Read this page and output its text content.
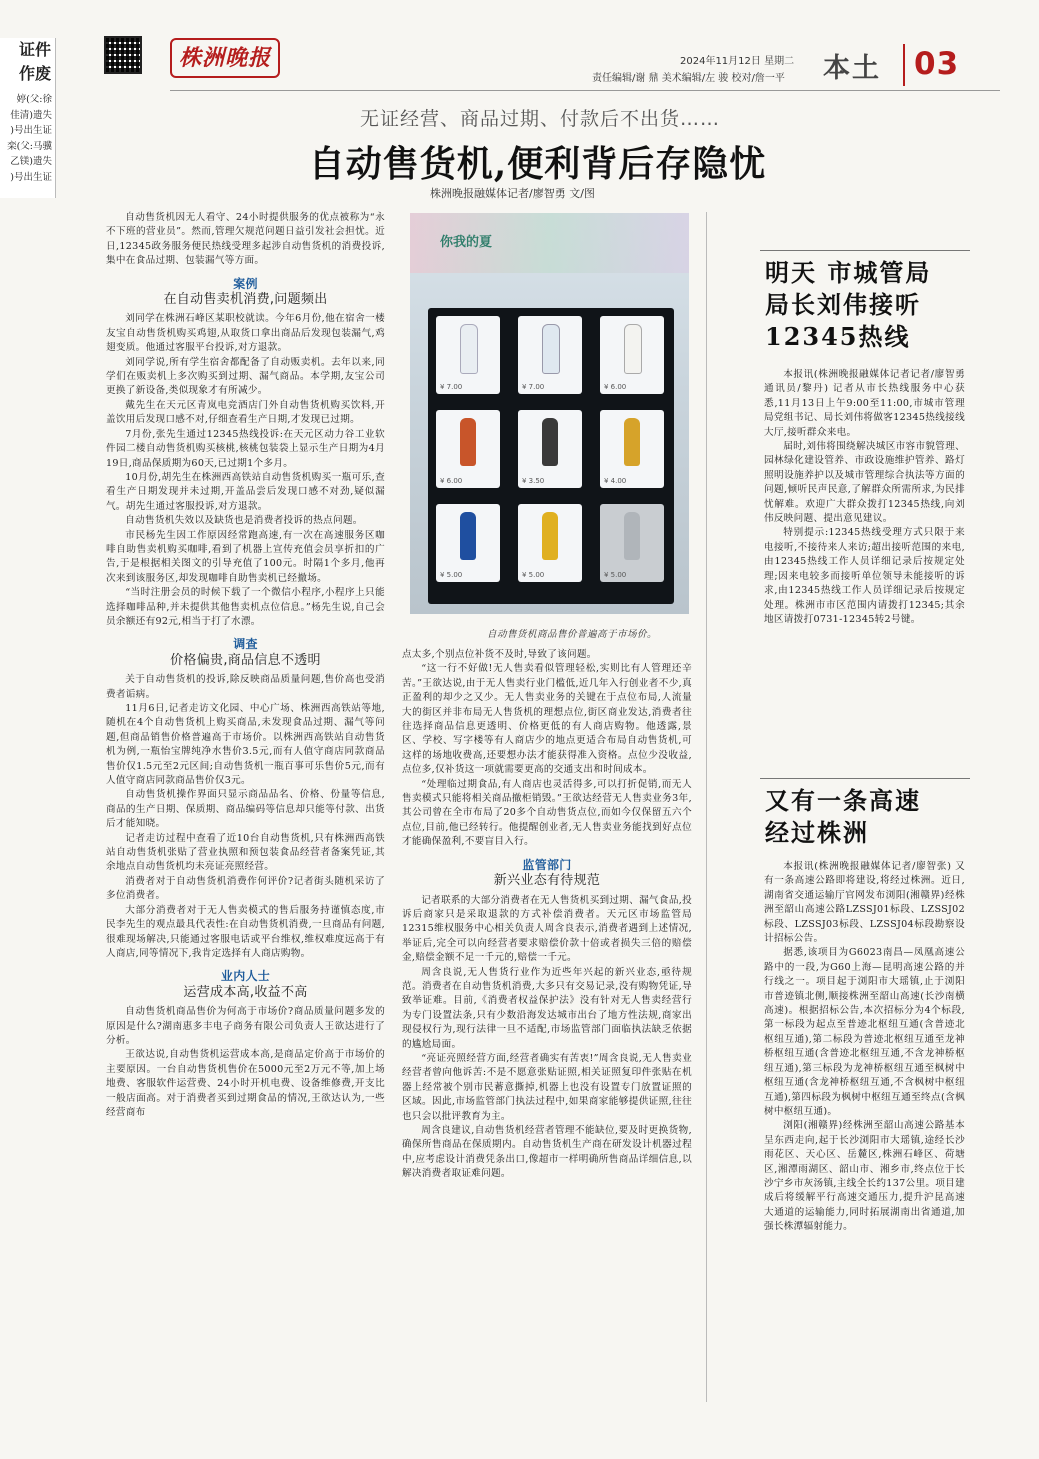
证件
作废
婷(父:徐
佳清)遗失
)号出生证
栾(父:马骥
乙镁)遗失
)号出生证
株洲晚报	2024年11月12日 星期二
责任编辑/谢 鼎 美术编辑/左 骏 校对/詹一平 本土 03
无证经营、商品过期、付款后不出货……
自动售货机,便利背后存隐忧
株洲晚报融媒体记者/廖智勇 文/图

自动售货机因无人看守、24小时提供服务的优点被称为“永不下班的营业员”。然而,管理欠规范问题日益引发社会担忧。近日,12345政务服务便民热线受理多起涉自动售货机的消费投诉,集中在食品过期、包装漏气等方面。

案例
在自动售卖机消费,问题频出

刘同学在株洲石峰区某职校就读。今年6月份,他在宿舍一楼友宝自动售货机购买鸡翅,从取货口拿出商品后发现包装漏气,鸡翅变质。他通过客服平台投诉,对方退款。

刘同学说,所有学生宿舍都配备了自动贩卖机。去年以来,同学们在贩卖机上多次购买到过期、漏气商品。本学期,友宝公司更换了新设备,类似现象才有所减少。

戴先生在天元区青岚电竞酒店门外自动售货机购买饮料,开盖饮用后发现口感不对,仔细查看生产日期,才发现已过期。

7月份,张先生通过12345热线投诉:在天元区动力谷工业软件园二楼自动售货机购买核桃,核桃包装袋上显示生产日期为4月19日,商品保质期为60天,已过期1个多月。

10月份,胡先生在株洲西高铁站自动售货机购买一瓶可乐,查看生产日期发现并未过期,开盖品尝后发现口感不对劲,疑似漏气。胡先生通过客服投诉,对方退款。

自动售货机失效以及缺货也是消费者投诉的热点问题。

市民杨先生因工作原因经常跑高速,有一次在高速服务区咖啡自助售卖机购买咖啡,看到了机器上宣传充值会员享折扣的广告,于是根据相关图文的引导充值了100元。时隔1个多月,他再次来到该服务区,却发现咖啡自助售卖机已经撤场。

“当时注册会员的时候下载了一个微信小程序,小程序上只能选择咖啡品种,并未提供其他售卖机点位信息。”杨先生说,自己会员余额还有92元,相当于打了水漂。

调查
价格偏贵,商品信息不透明

关于自动售货机的投诉,除反映商品质量问题,售价高也受消费者诟病。

11月6日,记者走访文化园、中心广场、株洲西高铁站等地,随机在4个自动售货机上购买商品,未发现食品过期、漏气等问题,但商品销售价格普遍高于市场价。以株洲西高铁站自动售货机为例,一瓶怡宝牌纯净水售价3.5元,而有人值守商店同款商品售价仅1.5元至2元区间;自动售货机一瓶百事可乐售价5元,而有人值守商店同款商品售价仅3元。

自动售货机操作界面只显示商品品名、价格、份量等信息,商品的生产日期、保质期、商品编码等信息却只能等付款、出货后才能知晓。

记者走访过程中查看了近10台自动售货机,只有株洲西高铁站自动售货机张贴了营业执照和预包装食品经营者备案凭证,其余地点自动售货机均未亮证亮照经营。

消费者对于自动售货机消费作何评价?记者街头随机采访了多位消费者。

大部分消费者对于无人售卖模式的售后服务持谨慎态度,市民李先生的观点最具代表性:在自动售货机消费,一旦商品有问题,很难现场解决,只能通过客服电话或平台维权,维权难度远高于有人商店,同等情况下,我肯定选择有人商店购物。

业内人士
运营成本高,收益不高

自动售货机商品售价为何高于市场价?商品质量问题多发的原因是什么?湖南惠多丰电子商务有限公司负责人王欲达进行了分析。

王欲达说,自动售货机运营成本高,是商品定价高于市场价的主要原因。一台自动售货机售价在5000元至2万元不等,加上场地费、客服软件运营费、24小时开机电费、设备维修费,开支比一般店面高。对于消费者买到过期食品的情况,王欲达认为,一些经营商布

你我的夏
¥ 7.00	¥ 7.00	¥ 6.00
¥ 6.00	¥ 3.50	¥ 4.00
¥ 5.00	¥ 5.00	¥ 5.00
自动售货机商品售价普遍高于市场价。

点太多,个别点位补货不及时,导致了该问题。

“这一行不好做!无人售卖看似管理轻松,实则比有人管理还辛苦。”王欲达说,由于无人售卖行业门槛低,近几年入行创业者不少,真正盈利的却少之又少。无人售卖业务的关键在于点位布局,人流量大的街区并非布局无人售货机的理想点位,街区商业发达,消费者往往选择商品信息更透明、价格更低的有人商店购物。他透露,景区、学校、写字楼等有人商店少的地点更适合布局自动售货机,可这样的场地收费高,还要想办法才能获得准入资格。点位少没收益,点位多,仅补货这一项就需要更高的交通支出和时间成本。

“处理临过期食品,有人商店也灵活得多,可以打折促销,而无人售卖模式只能将相关商品撤柜销毁。”王欲达经营无人售卖业务3年,其公司曾在全市布局了20多个自动售货点位,而如今仅保留五六个点位,目前,他已经转行。他提醒创业者,无人售卖业务能找到好点位才能确保盈利,不要盲目入行。

监管部门
新兴业态有待规范

记者联系的大部分消费者在无人售货机买到过期、漏气食品,投诉后商家只是采取退款的方式补偿消费者。天元区市场监管局12315维权服务中心相关负责人周含良表示,消费者遇到上述情况,举证后,完全可以向经营者要求赔偿价款十倍或者损失三倍的赔偿金,赔偿金额不足一千元的,赔偿一千元。

周含良说,无人售货行业作为近些年兴起的新兴业态,亟待规范。消费者在自动售货机消费,大多只有交易记录,没有购物凭证,导致举证难。目前,《消费者权益保护法》没有针对无人售卖经营行为专门设置法条,只有少数沿海发达城市出台了地方性法规,商家出现侵权行为,现行法律一旦不适配,市场监管部门面临执法缺乏依据的尴尬局面。

“亮证亮照经营方面,经营者确实有苦衷!”周含良说,无人售卖业经营者曾向他诉苦:不是不愿意张贴证照,相关证照复印件张贴在机器上经常被个别市民蓄意撕掉,机器上也没有设置专门放置证照的区域。因此,市场监管部门执法过程中,如果商家能够提供证照,往往也只会以批评教育为主。

周含良建议,自动售货机经营者管理不能缺位,要及时更换货物,确保所售商品在保质期内。自动售货机生产商在研发设计机器过程中,应考虑设计消费凭条出口,像超市一样明确所售商品详细信息,以解决消费者取证难问题。

明天 市城管局
局长刘伟接听
12345热线

本报讯(株洲晚报融媒体记者记者/廖智勇 通讯员/黎丹) 记者从市长热线服务中心获悉,11月13日上午9:00至11:00,市城市管理局党组书记、局长刘伟将做客12345热线接线大厅,接听群众来电。

届时,刘伟将围绕解决城区市容市貌管理、园林绿化建设管养、市政设施维护管养、路灯照明设施养护以及城市管理综合执法等方面的问题,倾听民声民意,了解群众所需所求,为民排忧解难。欢迎广大群众拨打12345热线,向刘伟反映问题、提出意见建议。

特别提示:12345热线受理方式只限于来电接听,不接待来人来访;超出接听范围的来电,由12345热线工作人员详细记录后按规定处理;因来电较多而接听单位领导未能接听的诉求,由12345热线工作人员详细记录后按规定处理。株洲市市区范围内请拨打12345;其余地区请拨打0731-12345转2号键。

又有一条高速
经过株洲

本报讯(株洲晚报融媒体记者/廖智张) 又有一条高速公路即将建设,将经过株洲。近日,湖南省交通运输厅官网发布浏阳(湘赣界)经株洲至韶山高速公路LZSSJ01标段、LZSSJ02标段、LZSSJ03标段、LZSSJ04标段勘察设计招标公告。

据悉,该项目为G6023南昌—凤凰高速公路中的一段,为G60上海—昆明高速公路的并行线之一。项目起于浏阳市大瑶镇,止于浏阳市普迹镇北侧,顺接株洲至韶山高速(长沙南横高速)。根据招标公告,本次招标分为4个标段,第一标段为起点至普迹北枢纽互通(含普迹北枢纽互通),第二标段为普迹北枢纽互通至龙神桥枢纽互通(含普迹北枢纽互通,不含龙神桥枢纽互通),第三标段为龙神桥枢纽互通至枫树中枢纽互通(含龙神桥枢纽互通,不含枫树中枢纽互通),第四标段为枫树中枢纽互通至终点(含枫树中枢纽互通)。

浏阳(湘赣界)经株洲至韶山高速公路基本呈东西走向,起于长沙浏阳市大瑶镇,途经长沙雨花区、天心区、岳麓区,株洲石峰区、荷塘区,湘潭雨湖区、韶山市、湘乡市,终点位于长沙宁乡市灰汤镇,主线全长约137公里。项目建成后将缓解平行高速交通压力,提升沪昆高速大通道的运输能力,同时拓展湖南出省通道,加强长株潭辐射能力。
